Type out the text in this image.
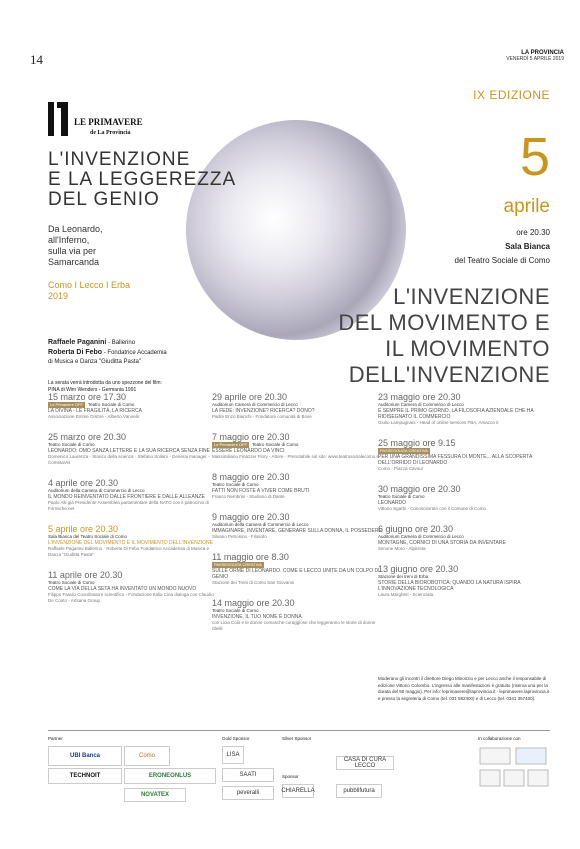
14	LA PROVINCIA
VENERDÌ 5 APRILE 2019
LE PRIMAVERE
de La Provincia
IX EDIZIONE
L'INVENZIONE
E LA LEGGEREZZA
DEL GENIO
Da Leonardo,
all'Inferno,
sulla via per
Samarcanda
Como I Lecco I Erba
2019
Raffaele Paganini - Ballerino
Roberta Di Febo - Fondatrice Accademia
di Musica e Danza "Giuditta Pasta"
La serata verrà introdotta da uno spezzone del film:
PINA di Wim Wenders - Germania 1991
5
aprile
ore 20.30
Sala Bianca
del Teatro Sociale di Como
L'INVENZIONE
DEL MOVIMENTO E
IL MOVIMENTO
DELL'INVENZIONE
15 marzo ore 17.30
Le Primavere OFF Teatro Sociale di Como
LA DIVINA - LE FRAGILITÀ, LA RICERCA
Associazione Emme Ombre - Alberto Vanoelli
25 marzo ore 20.30
Teatro Sociale di Como
LEONARDO: OMO SANZA LETTERE E LA SUA RICERCA SENZA FINE
Domenico Laurenza - Storico della scienza · Stefano Soliani - Generai manager - CometaVet
4 aprile ore 20.30
Auditorium della Camera di Commercio di Lecco
IL MONDO REINVENTATO DALLE FRONTIERE E DALLE ALLEANZE
Paolo Alli già Presidente Assemblea parlamentare della NATO con il patrocinio di Formiche.net
5 aprile ore 20.30
Sala Bianca del Teatro Sociale di Como
L'INVENZIONE DEL MOVIMENTO E IL MOVIMENTO DELL'INVENZIONE
Raffaele Paganini Ballerino · Roberta Di Febo Fondatrice Accademia di Musica e Danza "Giuditta Pasta"
11 aprile ore 20.30
Teatro Sociale di Como
COME LA VIA DELLA SETA HA INVENTATO UN MONDO NUOVO
Filippo Fasulo Coordinatore scientifico - Fondazione Italia Cina dialoga con Claudio De Conto - Artsana Group
29 aprile ore 20.30
Auditorium Camera di Commercio di Lecco
LA FEDE: INVENZIONE? RICERCA? DONO?
Padre Enzo Bianchi - Fondatore comunità di Bose
7 maggio ore 20.30
Le Primavere OFF Teatro Sociale di Como
ESSERE LEONARDO DA VINCI
Massimiliano Finazzer Flory - Attore · Prenotabile sul sito: www.teatrosocialecomo.it
8 maggio ore 20.30
Teatro Sociale di Como
FATTI NON FOSTE A VIVER COME BRUTI
Franco Nembrini - Studioso di Dante
9 maggio ore 20.30
Auditorium della Camera di Commercio di Lecco
IMMAGINARE, INVENTARE, GENERARE SULLA DONNA, IL POSSEDERE
Silvano Petrosino - Filosofo
11 maggio ore 8.30
PASSEGGIATA CREATIVA
SULLE ORME DI LEONARDO. COME E LECCO UNITE DA UN COLPO DI GENIO
Stazione dei Treni di Como San Giovanni
14 maggio ore 20.30
Teatro Sociale di Como
INVENZIONE, IL TUO NOME È DONNA
con Licia Colò e le donne comasche coraggiose che leggeranno le storie di donne ribelli
23 maggio ore 20.30
Auditorium Camera di Commercio di Lecco
E SEMPRE IL PRIMO GIORNO. LA FILOSOFIA AZIENDALE CHE HA RIDISEGNATO IL COMMERCIO
Giulio Lampugnani - Head of online services FBA, Amazon it
25 maggio ore 9.15
PASSEGGIATA CREATIVA
PER UNA GRANDISSIMA FESSURA DI MONTE... ALLA SCOPERTA DELL'ORRIDO DI LEONARDO
Como - Piazza Cavour
30 maggio ore 20.30
Teatro Sociale di Como
LEONARDO
Vittorio Sgarbi - Conoscitorato con il Comune di Como
6 giugno ore 20.30
Auditorium Camera di Commercio di Lecco
MONTAGNE, CORNICI DI UNA STORIA DA INVENTARE
Simone Moro - Alpinista
13 giugno ore 20.30
Stazione dei treni di Erba
STORIE DELLA BIOROBOTICA: QUANDO LA NATURA ISPIRA L'INNOVAZIONE TECNOLOGICA
Laura Margheri - Scienziata
Moderano gli incontri il direttore Diego Minonzio e per Lecco anche il responsabile di edizione Vittorio Colombo. L'ingresso alle manifestazioni è gratuito (riserva una per la durata del 50 maggio). Per info: leprimavere@laprovincia.it - leprimavere.laprovincia.it e presso la segreteria di Como (tel. 031 582400) e di Lecco (tel. 0341 357400).
Partner	Gold Sponsor	Silver Sponsor
Sponsor
In collaborazione con
UBI Banca
TECHNOIT	ERONEONLUS
NOVATEX
Como	LISA
SAATI
peveralli
CASA DI CURA LECCO
CHIARELLA	pubblifutura
